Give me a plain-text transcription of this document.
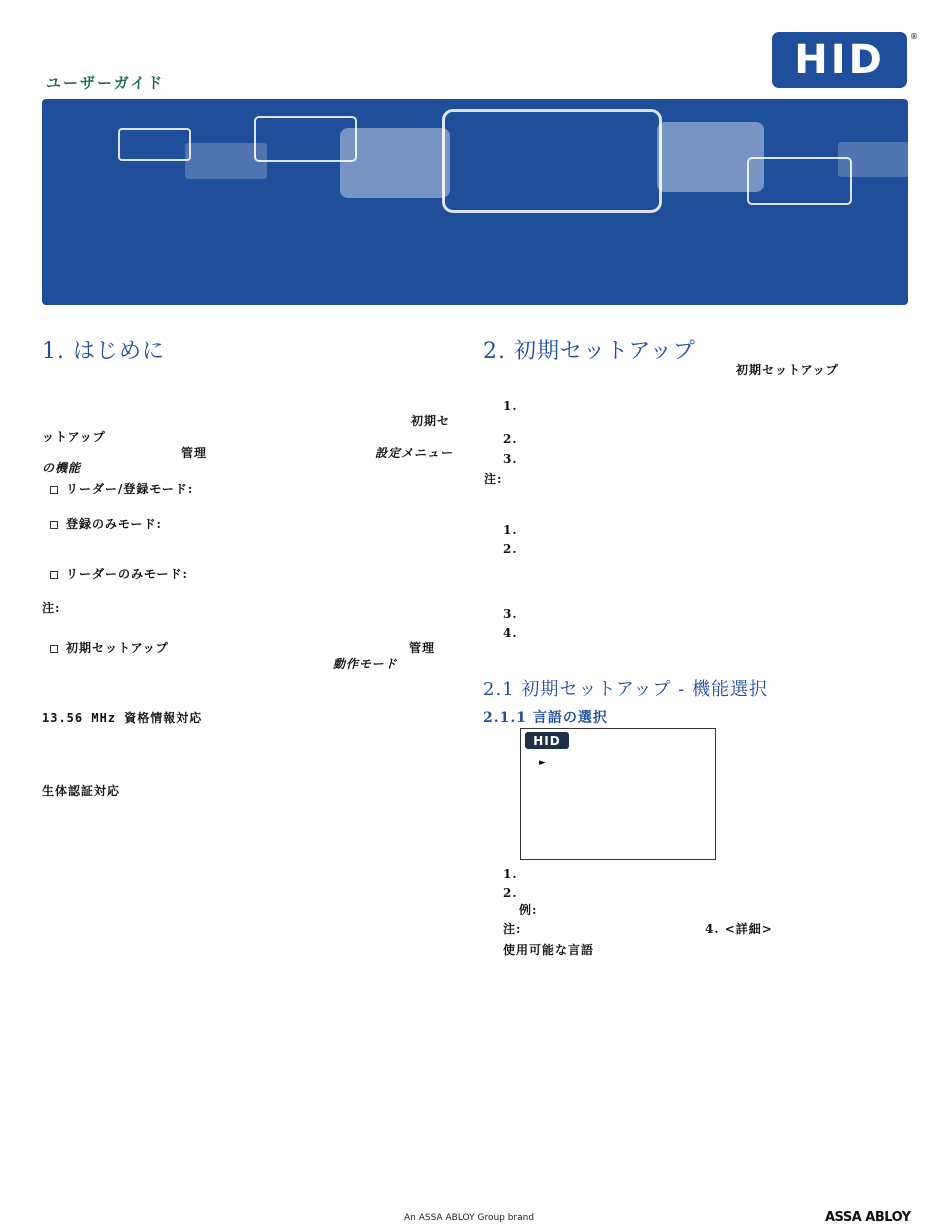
ユーザーガイド	HID
®
1. はじめに
初期セ
ットアップ
管理	設定メニュー
の機能
リーダー/登録モード:
登録のみモード:
リーダーのみモード:
注:
初期セットアップ	管理
動作モード
13.56 MHz 資格情報対応
生体認証対応
2. 初期セットアップ
初期セットアップ
1.
2.
3.
注:
1.
2.
3.
4.
2.1 初期セットアップ - 機能選択
2.1.1 言語の選択
HID
►
1.
2.
例:
注:	4. <詳細>
使用可能な言語
An ASSA ABLOY Group brand	ASSA ABLOY
